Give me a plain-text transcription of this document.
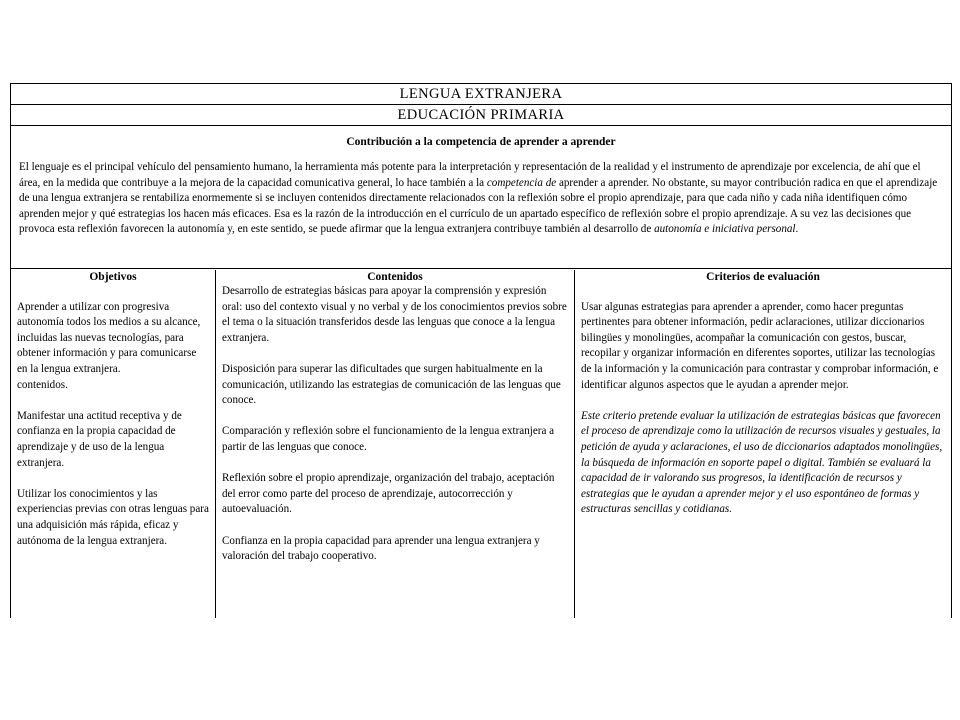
LENGUA EXTRANJERA
EDUCACIÓN PRIMARIA

Contribución a la competencia de aprender a aprender

El lenguaje es el principal vehículo del pensamiento humano, la herramienta más potente para la interpretación y representación de la realidad y el instrumento de aprendizaje por excelencia, de ahí que el área, en la medida que contribuye a la mejora de la capacidad comunicativa general, lo hace también a la competencia de aprender a aprender. No obstante, su mayor contribución radica en que el aprendizaje de una lengua extranjera se rentabiliza enormemente si se incluyen contenidos directamente relacionados con la reflexión sobre el propio aprendizaje, para que cada niño y cada niña identifiquen cómo aprenden mejor y qué estrategias los hacen más eficaces. Esa es la razón de la introducción en el currículo de un apartado específico de reflexión sobre el propio aprendizaje. A su vez las decisiones que provoca esta reflexión favorecen la autonomía y, en este sentido, se puede afirmar que la lengua extranjera contribuye también al desarrollo de autonomía e iniciativa personal.

Objetivos

Aprender a utilizar con progresiva autonomía todos los medios a su alcance, incluidas las nuevas tecnologías, para obtener información y para comunicarse en la lengua extranjera.

contenidos.

Manifestar una actitud receptiva y de confianza en la propia capacidad de aprendizaje y de uso de la lengua extranjera.

Utilizar los conocimientos y las experiencias previas con otras lenguas para una adquisición más rápida, eficaz y autónoma de la lengua extranjera.

Contenidos

Desarrollo de estrategias básicas para apoyar la comprensión y expresión oral: uso del contexto visual y no verbal y de los conocimientos previos sobre el tema o la situación transferidos desde las lenguas que conoce a la lengua extranjera.

Disposición para superar las dificultades que surgen habitualmente en la comunicación, utilizando las estrategias de comunicación de las lenguas que conoce.

Comparación y reflexión sobre el funcionamiento de la lengua extranjera a partir de las lenguas que conoce.

Reflexión sobre el propio aprendizaje, organización del trabajo, aceptación del error como parte del proceso de aprendizaje, autocorrección y autoevaluación.

Confianza en la propia capacidad para aprender una lengua extranjera y valoración del trabajo cooperativo.

Criterios de evaluación

Usar algunas estrategias para aprender a aprender, como hacer preguntas pertinentes para obtener información, pedir aclaraciones, utilizar diccionarios bilingües y monolingües, acompañar la comunicación con gestos, buscar, recopilar y organizar información en diferentes soportes, utilizar las tecnologías de la información y la comunicación para contrastar y comprobar información, e identificar algunos aspectos que le ayudan a aprender mejor.

Este criterio pretende evaluar la utilización de estrategias básicas que favorecen el proceso de aprendizaje como la utilización de recursos visuales y gestuales, la petición de ayuda y aclaraciones, el uso de diccionarios adaptados monolingües, la búsqueda de información en soporte papel o digital. También se evaluará la capacidad de ir valorando sus progresos, la identificación de recursos y estrategias que le ayudan a aprender mejor y el uso espontáneo de formas y estructuras sencillas y cotidianas.
